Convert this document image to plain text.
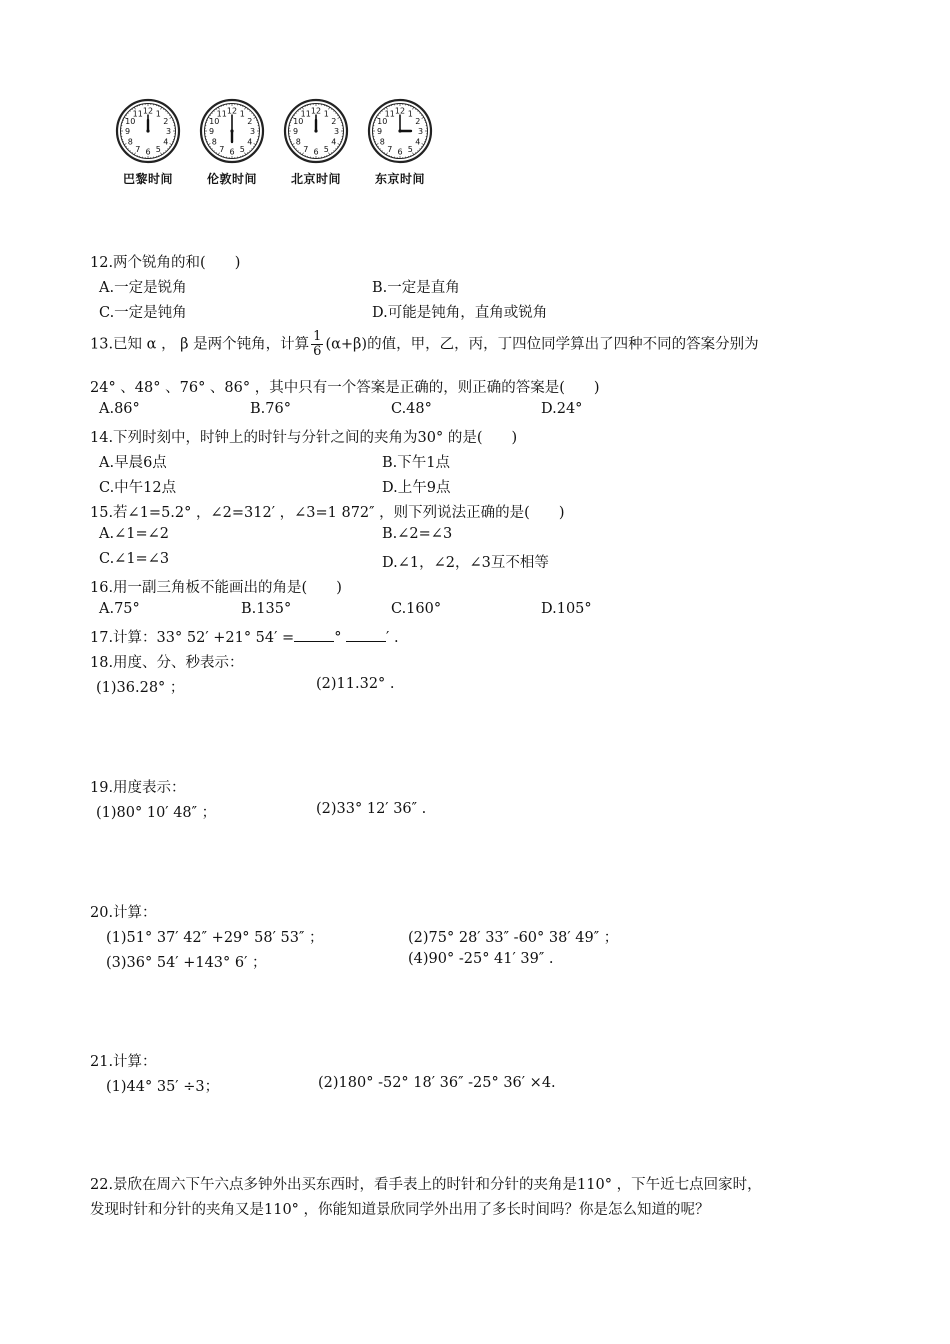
1
2
3
4
5
6
7
8
9
10
11 12
巴黎时间
1
2
3
4
5
6
7
8
9
10
11 12
伦敦时间
1
2
3
4
5
6
7
8
9
10
11 12
北京时间
1
2
3
4
5
6
7
8
9
10
11 12
东京时间
12.两个锐角的和(　　)
A.一定是锐角	B.一定是直角
C.一定是钝角	D.可能是钝角，直角或锐角
13.已知 α ， β 是两个钝角，计算 $\frac{1}{6} (\alpha+\beta)$的值，甲，乙，丙，丁四位同学算出了四种不同的答案分别为
24° 、48° 、76° 、86° ，其中只有一个答案是正确的，则正确的答案是(　　)
A.86°	B.76°	C.48°	D.24°
14.下列时刻中，时钟上的时针与分针之间的夹角为30° 的是(　　)
A.早晨6点	B.下午1点
C.中午12点	D.上午9点
15.若∠1=5.2° ，∠2=312′ ，∠3=1 872″ ，则下列说法正确的是(　　)
A.∠1=∠2	B.∠2=∠3
C.∠1=∠3	D.∠1，∠2，∠3互不相等
16.用一副三角板不能画出的角是(　　)
A.75°	B.135°	C.160°	D.105°
17.计算：33° 52′ +21° 54′ =	°	′ .
18.用度、分、秒表示：
(1)36.28° ；	(2)11.32° .
19.用度表示：
(1)80° 10′ 48″ ；	(2)33° 12′ 36″ .
20.计算：
(1)51° 37′ 42″ +29° 58′ 53″ ；	(2)75° 28′ 33″ -60° 38′ 49″ ；
(3)36° 54′ +143° 6′ ；	(4)90° -25° 41′ 39″ .
21.计算：
(1)44° 35′ ÷3；	(2)180° -52° 18′ 36″ -25° 36′ ×4.
22.景欣在周六下午六点多钟外出买东西时，看手表上的时针和分针的夹角是110° ，下午近七点回家时，
发现时针和分针的夹角又是110° ，你能知道景欣同学外出用了多长时间吗？你是怎么知道的呢？
